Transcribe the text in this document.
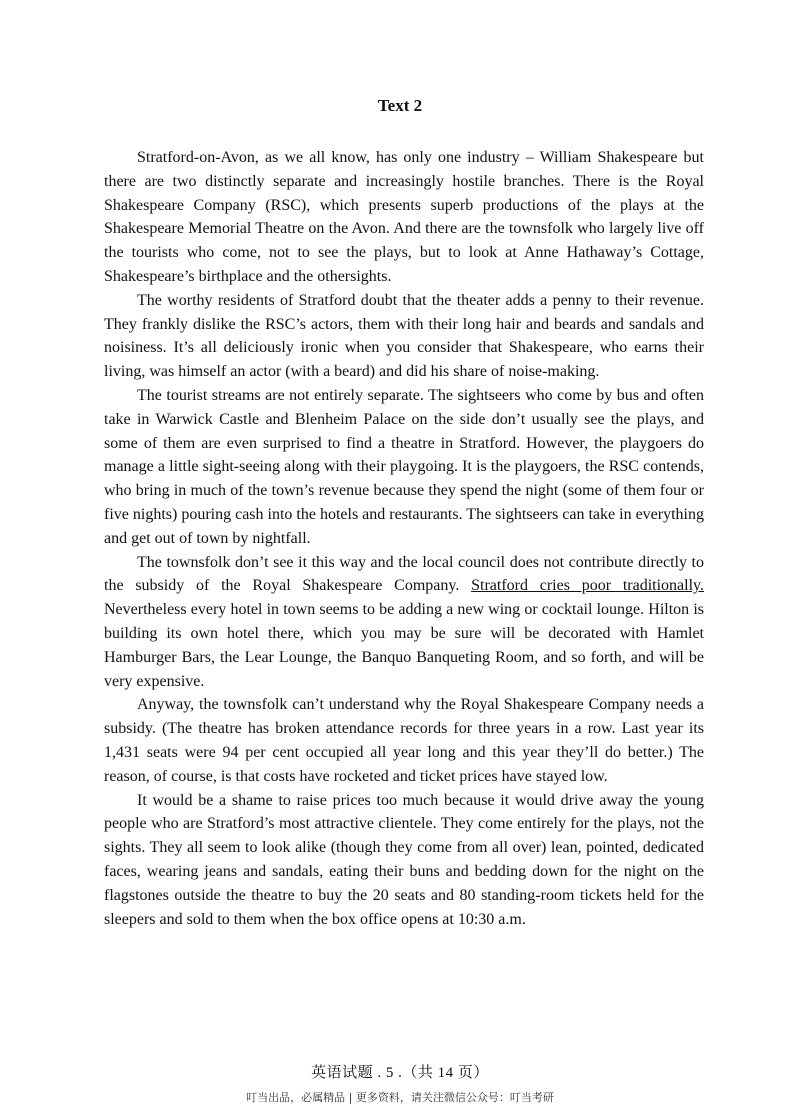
Text 2

Stratford-on-Avon, as we all know, has only one industry – William Shakespeare but there are two distinctly separate and increasingly hostile branches. There is the Royal Shakespeare Company (RSC), which presents superb productions of the plays at the Shakespeare Memorial Theatre on the Avon. And there are the townsfolk who largely live off the tourists who come, not to see the plays, but to look at Anne Hathaway’s Cottage, Shakespeare’s birthplace and the othersights.

The worthy residents of Stratford doubt that the theater adds a penny to their revenue. They frankly dislike the RSC’s actors, them with their long hair and beards and sandals and noisiness. It’s all deliciously ironic when you consider that Shakespeare, who earns their living, was himself an actor (with a beard) and did his share of noise-making.

The tourist streams are not entirely separate. The sightseers who come by bus and often take in Warwick Castle and Blenheim Palace on the side don’t usually see the plays, and some of them are even surprised to find a theatre in Stratford. However, the playgoers do manage a little sight-seeing along with their playgoing. It is the playgoers, the RSC contends, who bring in much of the town’s revenue because they spend the night (some of them four or five nights) pouring cash into the hotels and restaurants. The sightseers can take in everything and get out of town by nightfall.

The townsfolk don’t see it this way and the local council does not contribute directly to the subsidy of the Royal Shakespeare Company. Stratford cries poor traditionally. Nevertheless every hotel in town seems to be adding a new wing or cocktail lounge. Hilton is building its own hotel there, which you may be sure will be decorated with Hamlet Hamburger Bars, the Lear Lounge, the Banquo Banqueting Room, and so forth, and will be very expensive.

Anyway, the townsfolk can’t understand why the Royal Shakespeare Company needs a subsidy. (The theatre has broken attendance records for three years in a row. Last year its 1,431 seats were 94 per cent occupied all year long and this year they’ll do better.) The reason, of course, is that costs have rocketed and ticket prices have stayed low.

It would be a shame to raise prices too much because it would drive away the young people who are Stratford’s most attractive clientele. They come entirely for the plays, not the sights. They all seem to look alike (though they come from all over) lean, pointed, dedicated faces, wearing jeans and sandals, eating their buns and bedding down for the night on the flagstones outside the theatre to buy the 20 seats and 80 standing-room tickets held for the sleepers and sold to them when the box office opens at 10:30 a.m.

英语试题 . 5 .（共 14 页）
叮当出品，必属精品 | 更多资料，请关注微信公众号：叮当考研
